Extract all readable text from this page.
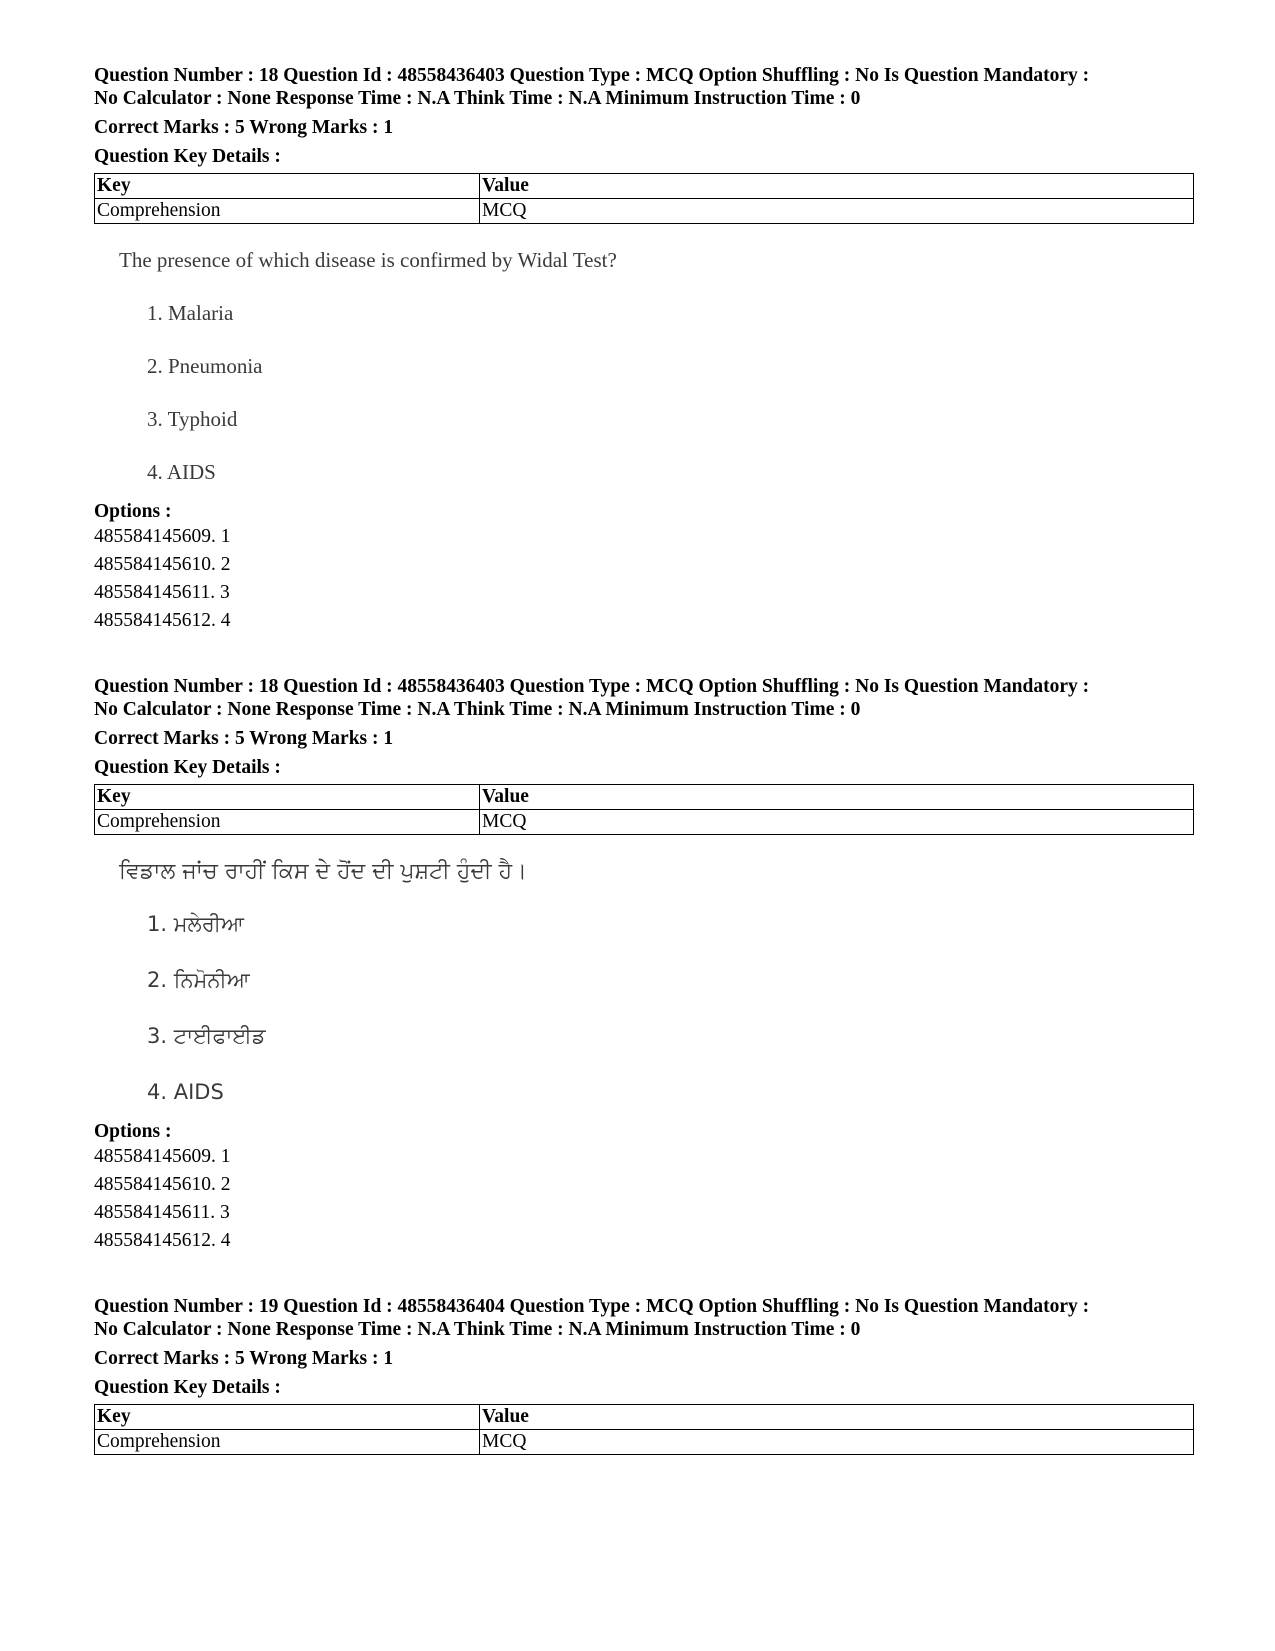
Question Number : 18 Question Id : 48558436403 Question Type : MCQ Option Shuffling : No Is Question Mandatory :
No Calculator : None Response Time : N.A Think Time : N.A Minimum Instruction Time : 0
Correct Marks : 5 Wrong Marks : 1
Question Key Details :
Key	Value
Comprehension	MCQ
The presence of which disease is confirmed by Widal Test?
1. Malaria
2. Pneumonia
3. Typhoid
4. AIDS
Options :
485584145609. 1
485584145610. 2
485584145611. 3
485584145612. 4
Question Number : 18 Question Id : 48558436403 Question Type : MCQ Option Shuffling : No Is Question Mandatory :
No Calculator : None Response Time : N.A Think Time : N.A Minimum Instruction Time : 0
Correct Marks : 5 Wrong Marks : 1
Question Key Details :
Key	Value
Comprehension	MCQ
ਵਿਡਾਲ ਜਾਂਚ ਰਾਹੀਂ ਕਿਸ ਦੇ ਹੋਂਦ ਦੀ ਪੁਸ਼ਟੀ ਹੁੰਦੀ ਹੈ।
1. ਮਲੇਰੀਆ
2. ਨਿਮੋਨੀਆ
3. ਟਾਈਫਾਈਡ
4. AIDS
Options :
485584145609. 1
485584145610. 2
485584145611. 3
485584145612. 4
Question Number : 19 Question Id : 48558436404 Question Type : MCQ Option Shuffling : No Is Question Mandatory :
No Calculator : None Response Time : N.A Think Time : N.A Minimum Instruction Time : 0
Correct Marks : 5 Wrong Marks : 1
Question Key Details :
Key	Value
Comprehension	MCQ
